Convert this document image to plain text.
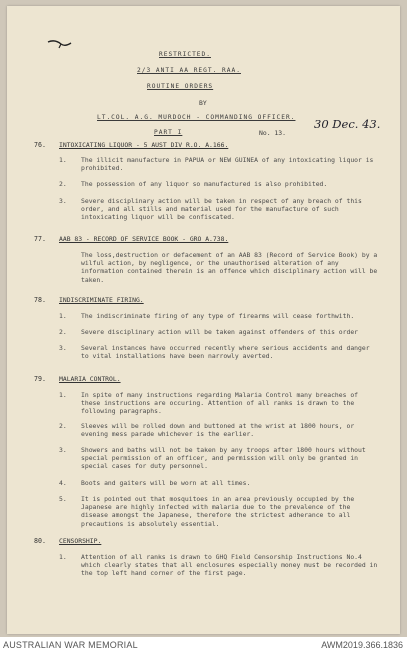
RESTRICTED.
2/3 ANTI AA REGT. RAA.
ROUTINE ORDERS
BY
LT.COL. A.G. MURDOCH - COMMANDING OFFICER.
PART I	No. 13.
30 Dec. 43.
76. INTOXICATING LIQUOR - 5 AUST DIV R.O. A.166.
1. The illicit manufacture in PAPUA or NEW GUINEA of any intoxicating liquor is prohibited.
2. The possession of any liquor so manufactured is also prohibited.
3. Severe disciplinary action will be taken in respect of any breach of this order, and all stills and material used for the manufacture of such intoxicating liquor will be confiscated.
77. AAB 83 - RECORD OF SERVICE BOOK - GRO A.738.
The loss,destruction or defacement of an AAB 83 (Record of Service Book) by a wilful action, by negligence, or the unauthorised alteration of any information contained therein is an offence which disciplinary action will be taken.
78. INDISCRIMINATE FIRING.
1. The indiscriminate firing of any type of firearms will cease forthwith.
2. Severe disciplinary action will be taken against offenders of this order
3. Several instances have occurred recently where serious accidents and danger to vital installations have been narrowly averted.
79. MALARIA CONTROL.
1. In spite of many instructions regarding Malaria Control many breaches of these instructions are occuring. Attention of all ranks is drawn to the following paragraphs.
2. Sleeves will be rolled down and buttoned at the wrist at 1800 hours, or evening mess parade whichever is the earlier.
3. Showers and baths will not be taken by any troops after 1800 hours without special permission of an officer, and permission will only be granted in special cases for duty personnel.
4. Boots and gaiters will be worn at all times.
5. It is pointed out that mosquitoes in an area previously occupied by the Japanese are highly infected with malaria due to the prevalence of the disease amongst the Japanese, therefore the strictest adherance to all precautions is absolutely essential.
80. CENSORSHIP.
1. Attention of all ranks is drawn to GHQ Field Censorship Instructions No.4 which clearly states that all enclosures especially money must be recorded in the top left hand corner of the first page.
AUSTRALIAN WAR MEMORIAL	AWM2019.366.1836
